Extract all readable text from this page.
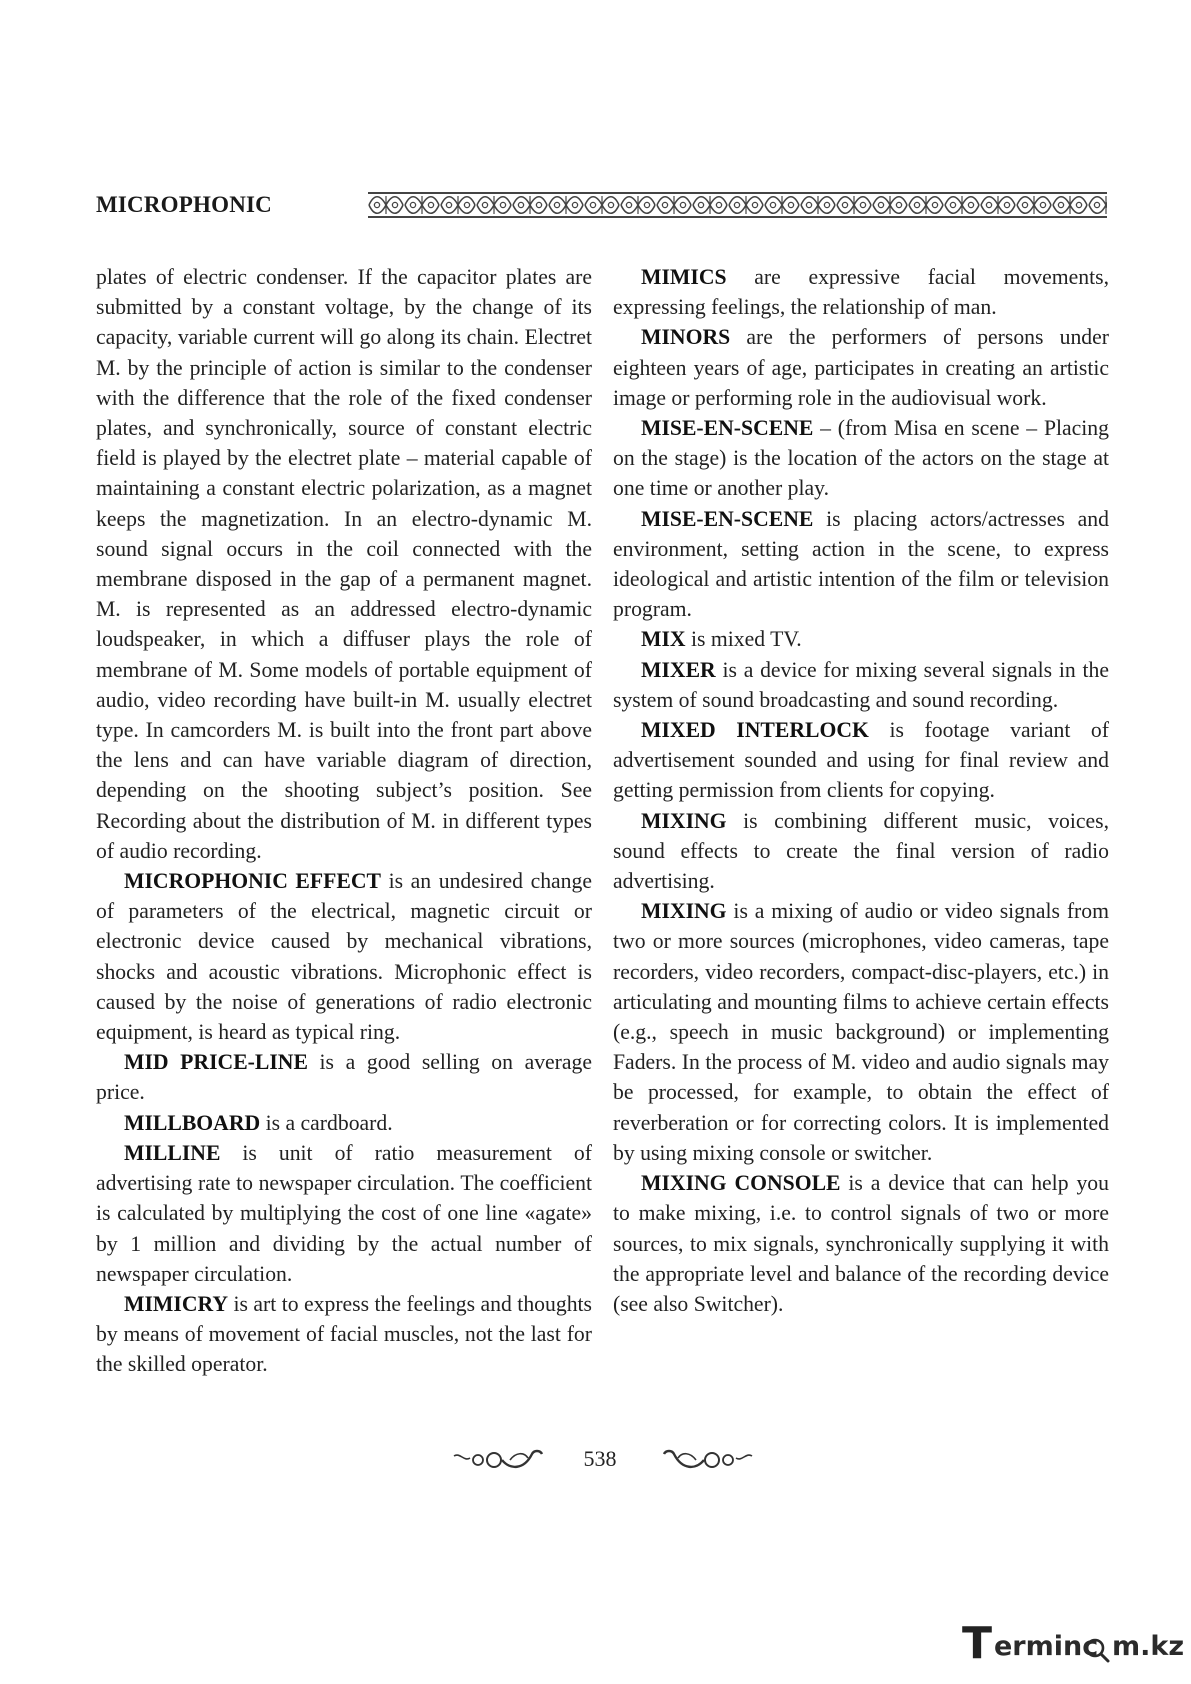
MICROPHONIC

plates of electric condenser. If the capacitor plates are submitted by a constant voltage, by the change of its capacity, variable current will go along its chain. Electret M. by the principle of action is similar to the condenser with the difference that the role of the fixed condenser plates, and synchronically, source of constant electric field is played by the electret plate – material capable of maintaining a constant electric polarization, as a magnet keeps the magnetization. In an electro-dynamic M. sound signal occurs in the coil connected with the membrane disposed in the gap of a permanent magnet. M. is represented as an addressed electro-dynamic loudspeaker, in which a diffuser plays the role of membrane of M. Some models of portable equipment of audio, video recording have built-in M. usually electret type. In camcorders M. is built into the front part above the lens and can have variable diagram of direction, depending on the shooting subject’s position. See Recording about the distribution of M. in different types of audio recording.

MICROPHONIC EFFECT is an undesired change of parameters of the electrical, magnetic circuit or electronic device caused by mechanical vibrations, shocks and acoustic vibrations. Microphonic effect is caused by the noise of generations of radio electronic equipment, is heard as typical ring.

MID PRICE-LINE is a good selling on average price.

MILLBOARD is a cardboard.

MILLINE is unit of ratio measurement of advertising rate to newspaper circulation. The coefficient is calculated by multiplying the cost of one line «agate» by 1 million and dividing by the actual number of newspaper circulation.

MIMICRY is art to express the feelings and thoughts by means of movement of facial muscles, not the last for the skilled operator.

MIMICS are expressive facial movements, expressing feelings, the relationship of man.

MINORS are the performers of persons under eighteen years of age, participates in creating an artistic image or performing role in the audiovisual work.

MISE-EN-SCENE – (from Misa en scene – Placing on the stage) is the location of the actors on the stage at one time or another play.

MISE-EN-SCENE is placing actors/actresses and environment, setting action in the scene, to express ideological and artistic intention of the film or television program.

MIX is mixed TV.

MIXER is a device for mixing several signals in the system of sound broadcasting and sound recording.

MIXED INTERLOCK is footage variant of advertisement sounded and using for final review and getting permission from clients for copying.

MIXING is combining different music, voices, sound effects to create the final version of radio advertising.

MIXING is a mixing of audio or video signals from two or more sources (microphones, video cameras, tape recorders, video recorders, compact-disc-players, etc.) in articulating and mounting films to achieve certain effects (e.g., speech in music background) or implementing Faders. In the process of M. video and audio signals may be processed, for example, to obtain the effect of reverberation or for correcting colors. It is implemented by using mixing console or switcher.

MIXING CONSOLE is a device that can help you to make mixing, i.e. to control signals of two or more sources, to mix signals, synchronically supplying it with the appropriate level and balance of the recording device (see also Switcher).

538
T erminc m.kz
